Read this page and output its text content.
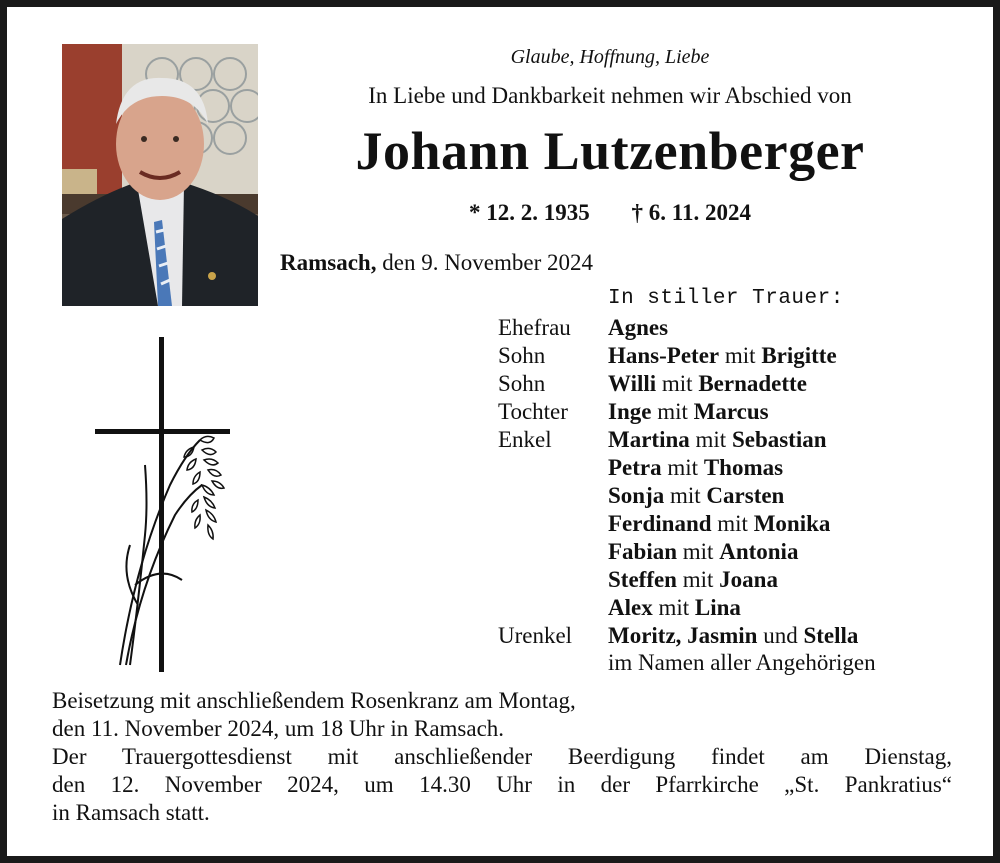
Glaube, Hoffnung, Liebe
In Liebe und Dankbarkeit nehmen wir Abschied von
Johann Lutzenberger
* 12. 2. 1935 † 6. 11. 2024
Ramsach, den 9. November 2024
In stiller Trauer:
Ehefrau	Agnes
Sohn	Hans-Peter mit Brigitte
Sohn	Willi mit Bernadette
Tochter	Inge mit Marcus
Enkel	Martina mit Sebastian
Petra mit Thomas
Sonja mit Carsten
Ferdinand mit Monika
Fabian mit Antonia
Steffen mit Joana
Alex mit Lina
Urenkel	Moritz, Jasmin und Stella
im Namen aller Angehörigen

Beisetzung mit anschließendem Rosenkranz am Montag,

den 11. November 2024, um 18 Uhr in Ramsach.

Der Trauergottesdienst mit anschließender Beerdigung findet am Dienstag,

den 12. November 2024, um 14.30 Uhr in der Pfarrkirche „St. Pankratius“

in Ramsach statt.
